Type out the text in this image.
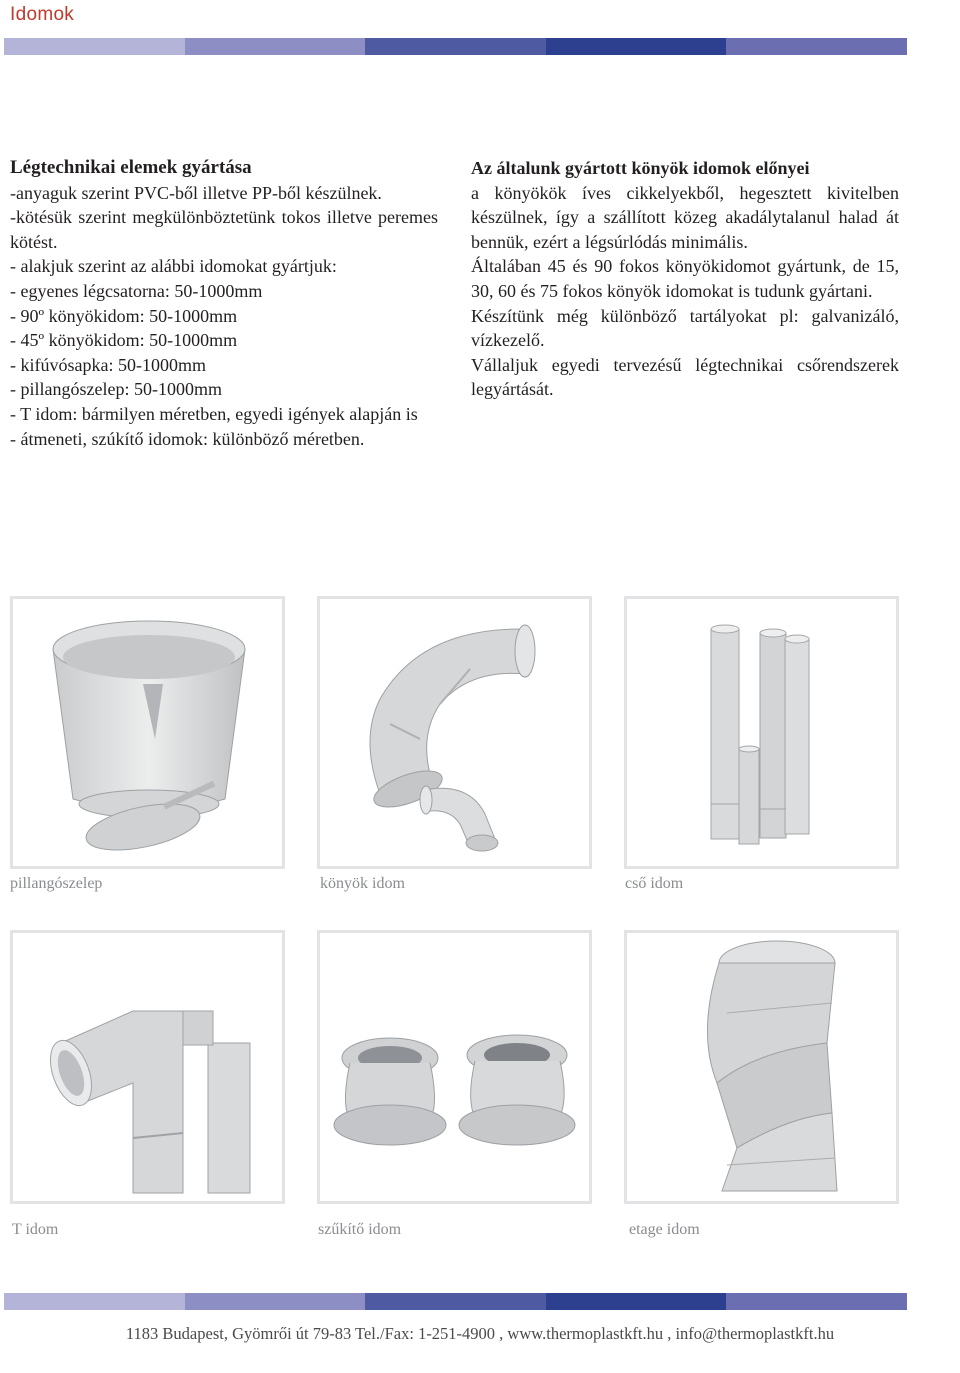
Idomok
Légtechnikai elemek gyártása
-anyaguk szerint PVC-ből illetve PP-ből készülnek.
-kötésük szerint megkülönböztetünk tokos illetve peremes kötést.
- alakjuk szerint az alábbi idomokat gyártjuk:
- egyenes légcsatorna: 50-1000mm
- 90º könyökidom: 50-1000mm
- 45º könyökidom: 50-1000mm
- kifúvósapka: 50-1000mm
- pillangószelep: 50-1000mm
- T idom: bármilyen méretben, egyedi igények alapján is
- átmeneti, szúkítő idomok: különböző méretben.
Az általunk gyártott könyök idomok előnyei
a könyökök íves cikkelyekből, hegesztett kivitelben készülnek, így a szállított közeg akadálytalanul halad át bennük, ezért a légsúrlódás minimális.
Általában 45 és 90 fokos könyökidomot gyártunk, de 15, 30, 60 és 75 fokos könyök idomokat is tudunk gyártani.
Készítünk még különböző tartályokat pl: galvanizáló, vízkezelő.
Vállaljuk egyedi tervezésű légtechnikai csőrendszerek legyártását.
pillangószelep	könyök idom	cső idom
T idom	szűkítő idom	etage idom
1183 Budapest, Gyömrői út 79-83 Tel./Fax: 1-251-4900 , www.thermoplastkft.hu , info@thermoplastkft.hu
